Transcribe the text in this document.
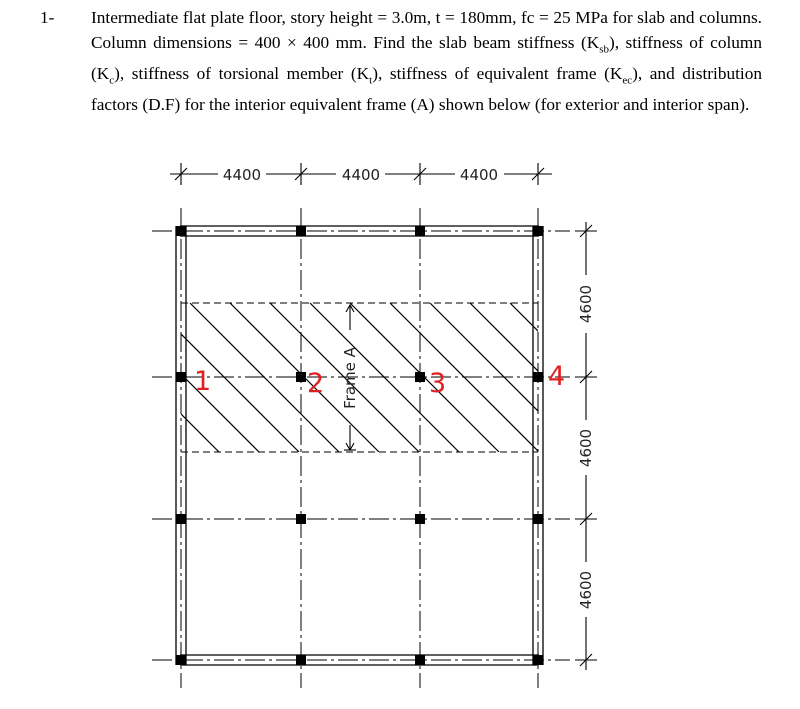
1- Intermediate flat plate floor, story height = 3.0m, t = 180mm, fc = 25 MPa for slab and columns. Column dimensions = 400 × 400 mm. Find the slab beam stiffness $(K_{sb})$, stiffness of column $(K_c)$, stiffness of torsional member $(K_t)$, stiffness of equivalent frame $(K_{ec})$, and distribution factors (D.F) for the interior equivalent frame (A) shown below (for exterior and interior span).
4400	4400	4400
4600
4600
4600
Frame A
1	2	3	4
